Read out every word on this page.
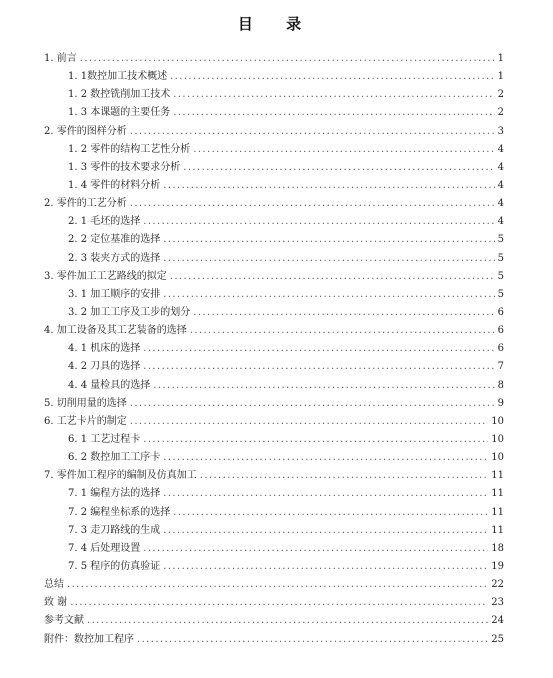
目 录
1. 前言 .....	1
1. 1数控加工技术概述 .....	1
1. 2 数控铣削加工技术 .....	2
1. 3 本课题的主要任务 .....	2
2. 零件的图样分析 .....	3
1. 2 零件的结构工艺性分析 .....	4
1. 3 零件的技术要求分析 .....	4
1. 4 零件的材料分析 .....	4
2. 零件的工艺分析 .....	4
2. 1 毛坯的选择 .....	4
2. 2 定位基准的选择 .....	5
2. 3 装夹方式的选择 .....	5
3. 零件加工工艺路线的拟定 .....	5
3. 1 加工顺序的安排 .....	5
3. 2 加工工序及工步的划分 .....	6
4. 加工设备及其工艺装备的选择 .....	6
4. 1 机床的选择 .....	6
4. 2 刀具的选择 .....	7
4. 4 量检具的选择 .....	8
5. 切削用量的选择 .....	9
6. 工艺卡片的制定 .....	10
6. 1 工艺过程卡 .....	10
6. 2 数控加工工序卡 .....	10
7. 零件加工程序的编制及仿真加工 .....	11
7. 1 编程方法的选择 .....	11
7. 2 编程坐标系的选择 .....	11
7. 3 走刀路线的生成 .....	11
7. 4 后处理设置 .....	18
7. 5 程序的仿真验证 .....	19
总结 .....	22
致 谢 .....	23
参考文献 .....	24
附件：数控加工程序 .....	25
